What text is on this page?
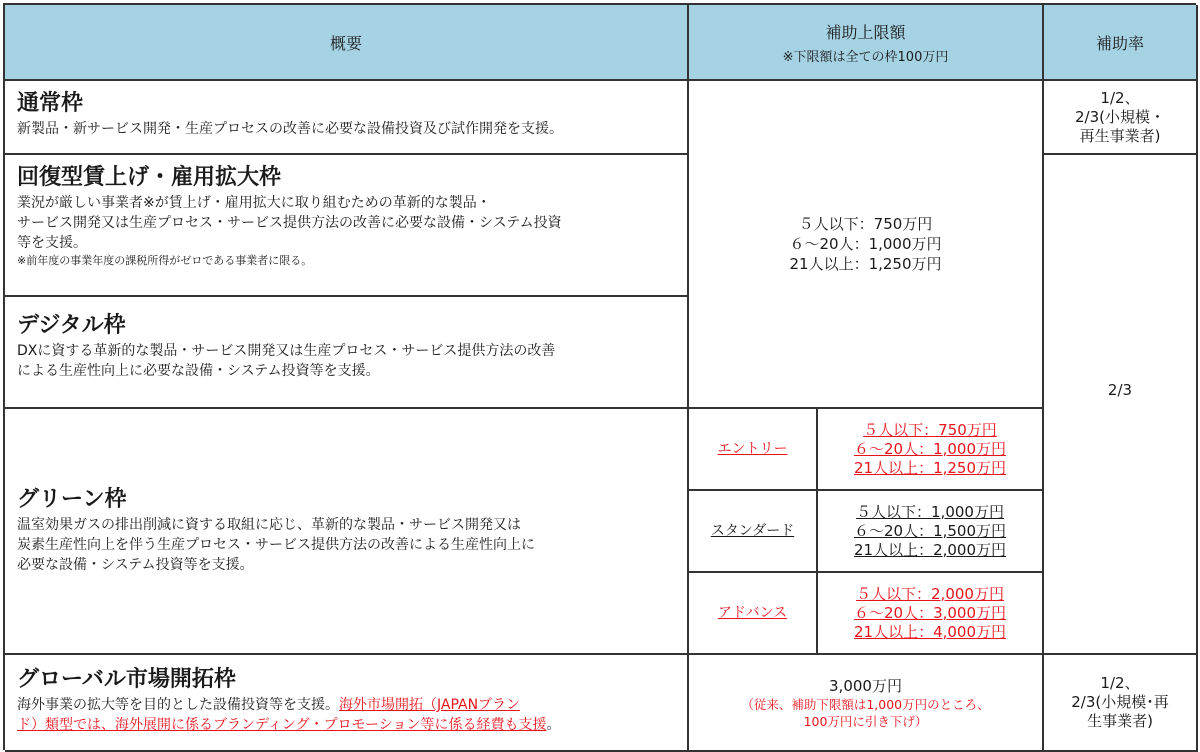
概要
補助上限額
※下限額は全ての枠100万円
補助率
通常枠
新製品・新サービス開発・生産プロセスの改善に必要な設備投資及び試作開発を支援。
５人以下：750万円
６～20人：1,000万円
21人以上：1,250万円
1/2、
2/3(小規模・
再生事業者)
回復型賃上げ・雇用拡大枠
業況が厳しい事業者※が賃上げ・雇用拡大に取り組むための革新的な製品・
サービス開発又は生産プロセス・サービス提供方法の改善に必要な設備・システム投資
等を支援。
※前年度の事業年度の課税所得がゼロである事業者に限る。
2/3
デジタル枠
DXに資する革新的な製品・サービス開発又は生産プロセス・サービス提供方法の改善
による生産性向上に必要な設備・システム投資等を支援。
グリーン枠
温室効果ガスの排出削減に資する取組に応じ、革新的な製品・サービス開発又は
炭素生産性向上を伴う生産プロセス・サービス提供方法の改善による生産性向上に
必要な設備・システム投資等を支援。
エントリー
５人以下：750万円
６～20人：1,000万円
21人以上：1,250万円
スタンダード
５人以下：1,000万円
６～20人：1,500万円
21人以上：2,000万円
アドバンス
５人以下：2,000万円
６～20人：3,000万円
21人以上：4,000万円
グローバル市場開拓枠
海外事業の拡大等を目的とした設備投資等を支援。海外市場開拓（JAPANブラン
ド）類型では、海外展開に係るブランディング・プロモーション等に係る経費も支援。
3,000万円
（従来、補助下限額は1,000万円のところ、
100万円に引き下げ）
1/2、
2/3(小規模･再
生事業者)
